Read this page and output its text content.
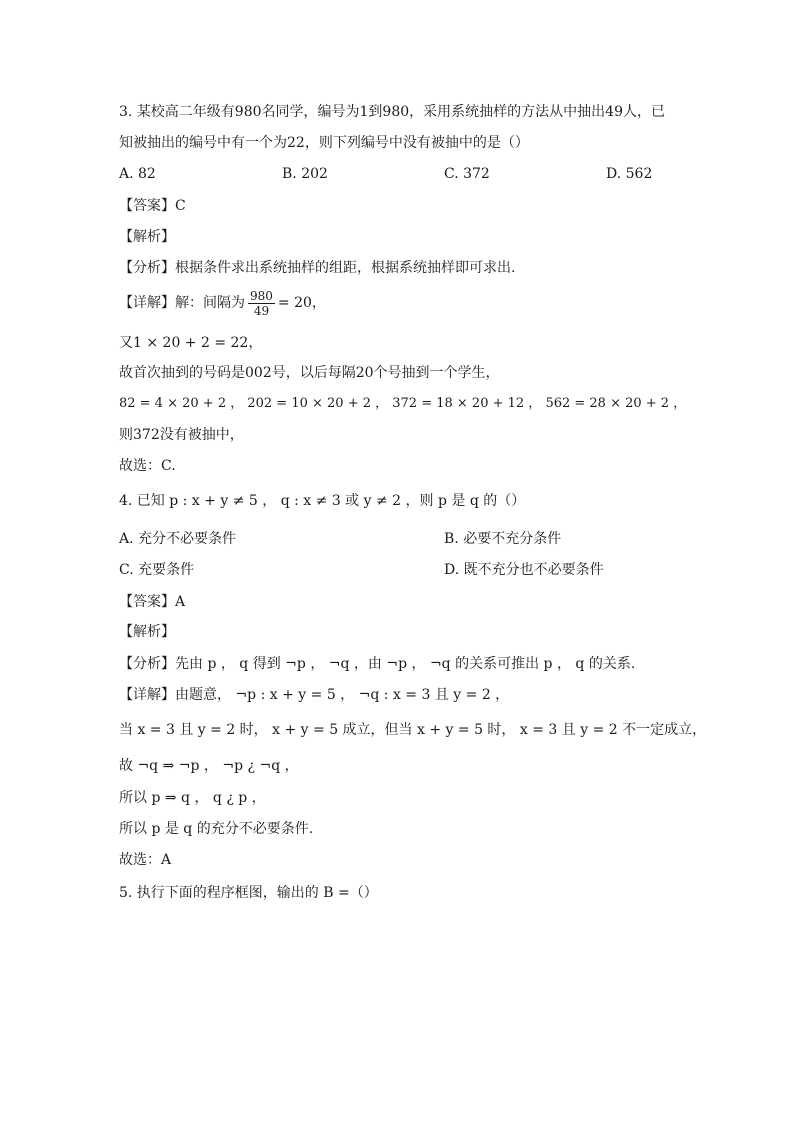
3. 某校高二年级有980名同学，编号为1到980，采用系统抽样的方法从中抽出49人，已
知被抽出的编号中有一个为22，则下列编号中没有被抽中的是（）
A. 82	B. 202	C. 372	D. 562
【答案】C
【解析】
【分析】根据条件求出系统抽样的组距，根据系统抽样即可求出.
【详解】解：间隔为 $\frac{980}{49} = 20$，
又1 × 20 + 2 = 22，
故首次抽到的号码是002号，以后每隔20个号抽到一个学生，
82 = 4 × 20 + 2 ， 202 = 10 × 20 + 2 ， 372 = 18 × 20 + 12 ， 562 = 28 × 20 + 2 ，
则372没有被抽中，
故选：C.
4. 已知 p : x + y ≠ 5 ， q : x ≠ 3 或 y ≠ 2 ，则 p 是 q 的（）
A. 充分不必要条件	B. 必要不充分条件
C. 充要条件	D. 既不充分也不必要条件
【答案】A
【解析】
【分析】先由 p ， q 得到 ¬p ， ¬q ，由 ¬p ， ¬q 的关系可推出 p ， q 的关系.
【详解】由题意， ¬p : x + y = 5 ， ¬q : x = 3 且 y = 2 ，
当 x = 3 且 y = 2 时， x + y = 5 成立，但当 x + y = 5 时， x = 3 且 y = 2 不一定成立，
故 ¬q ⇒ ¬p ， ¬p ¿ ¬q ，
所以 p ⇒ q ， q ¿ p ，
所以 p 是 q 的充分不必要条件.
故选：A
5. 执行下面的程序框图，输出的 B =（）
